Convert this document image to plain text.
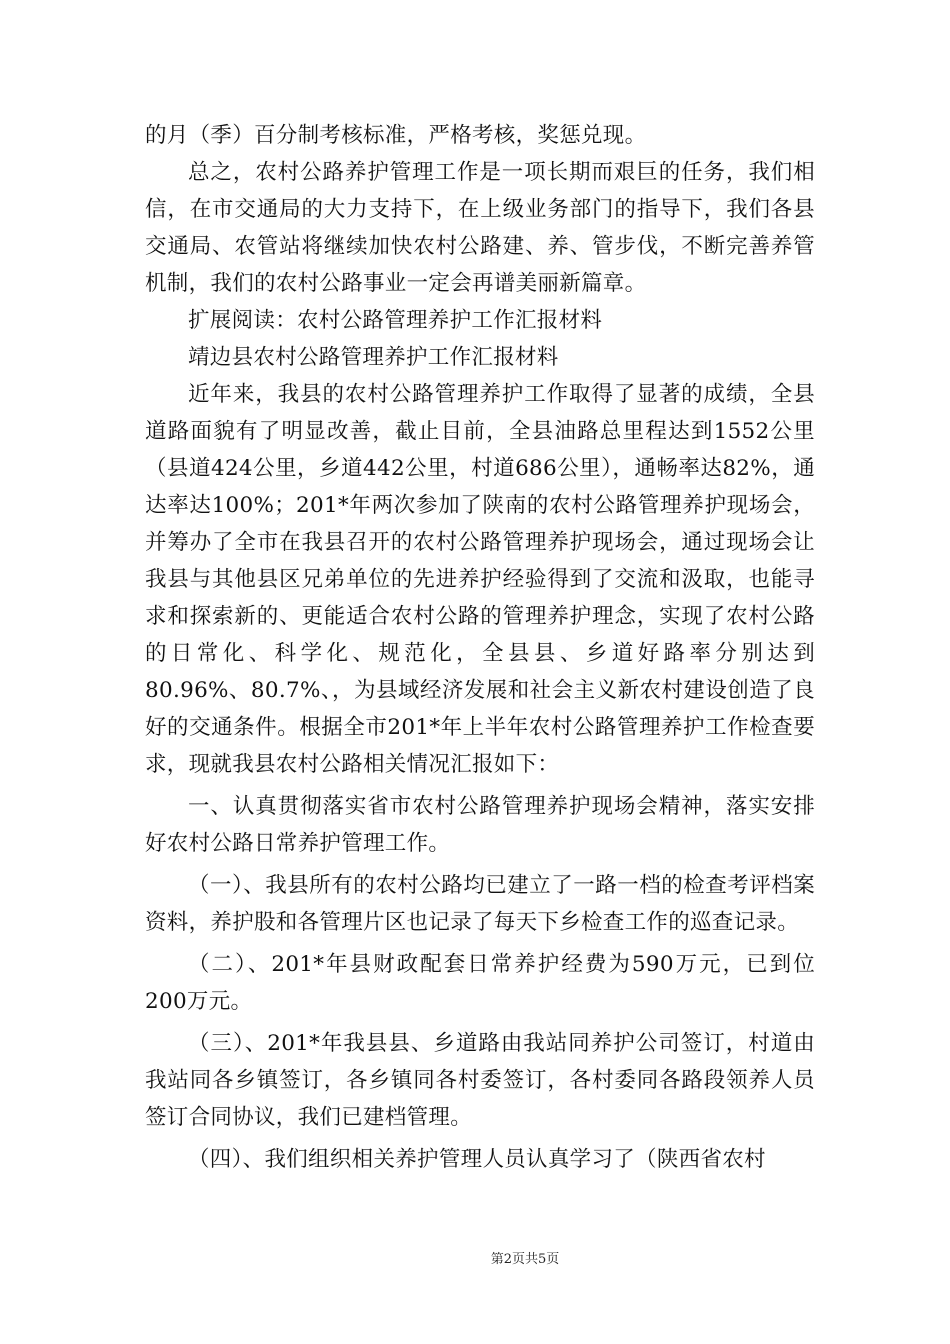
的月（季）百分制考核标准，严格考核，奖惩兑现。

总之，农村公路养护管理工作是一项长期而艰巨的任务，我们相信，在市交通局的大力支持下，在上级业务部门的指导下，我们各县交通局、农管站将继续加快农村公路建、养、管步伐，不断完善养管机制，我们的农村公路事业一定会再谱美丽新篇章。

扩展阅读：农村公路管理养护工作汇报材料

靖边县农村公路管理养护工作汇报材料

近年来，我县的农村公路管理养护工作取得了显著的成绩，全县道路面貌有了明显改善，截止目前，全县油路总里程达到1552公里（县道424公里，乡道442公里，村道686公里），通畅率达82%，通达率达100%；201*年两次参加了陕南的农村公路管理养护现场会，并筹办了全市在我县召开的农村公路管理养护现场会，通过现场会让我县与其他县区兄弟单位的先进养护经验得到了交流和汲取，也能寻求和探索新的、更能适合农村公路的管理养护理念，实现了农村公路的日常化、科学化、规范化，全县县、乡道好路率分别达到80.96%、80.7%、，为县域经济发展和社会主义新农村建设创造了良好的交通条件。根据全市201*年上半年农村公路管理养护工作检查要求，现就我县农村公路相关情况汇报如下：

一、认真贯彻落实省市农村公路管理养护现场会精神，落实安排好农村公路日常养护管理工作。

（一）、我县所有的农村公路均已建立了一路一档的检查考评档案资料，养护股和各管理片区也记录了每天下乡检查工作的巡查记录。

（二）、201*年县财政配套日常养护经费为590万元，已到位200万元。

（三）、201*年我县县、乡道路由我站同养护公司签订，村道由我站同各乡镇签订，各乡镇同各村委签订，各村委同各路段领养人员签订合同协议，我们已建档管理。

（四）、我们组织相关养护管理人员认真学习了（陕西省农村

第2页共5页
